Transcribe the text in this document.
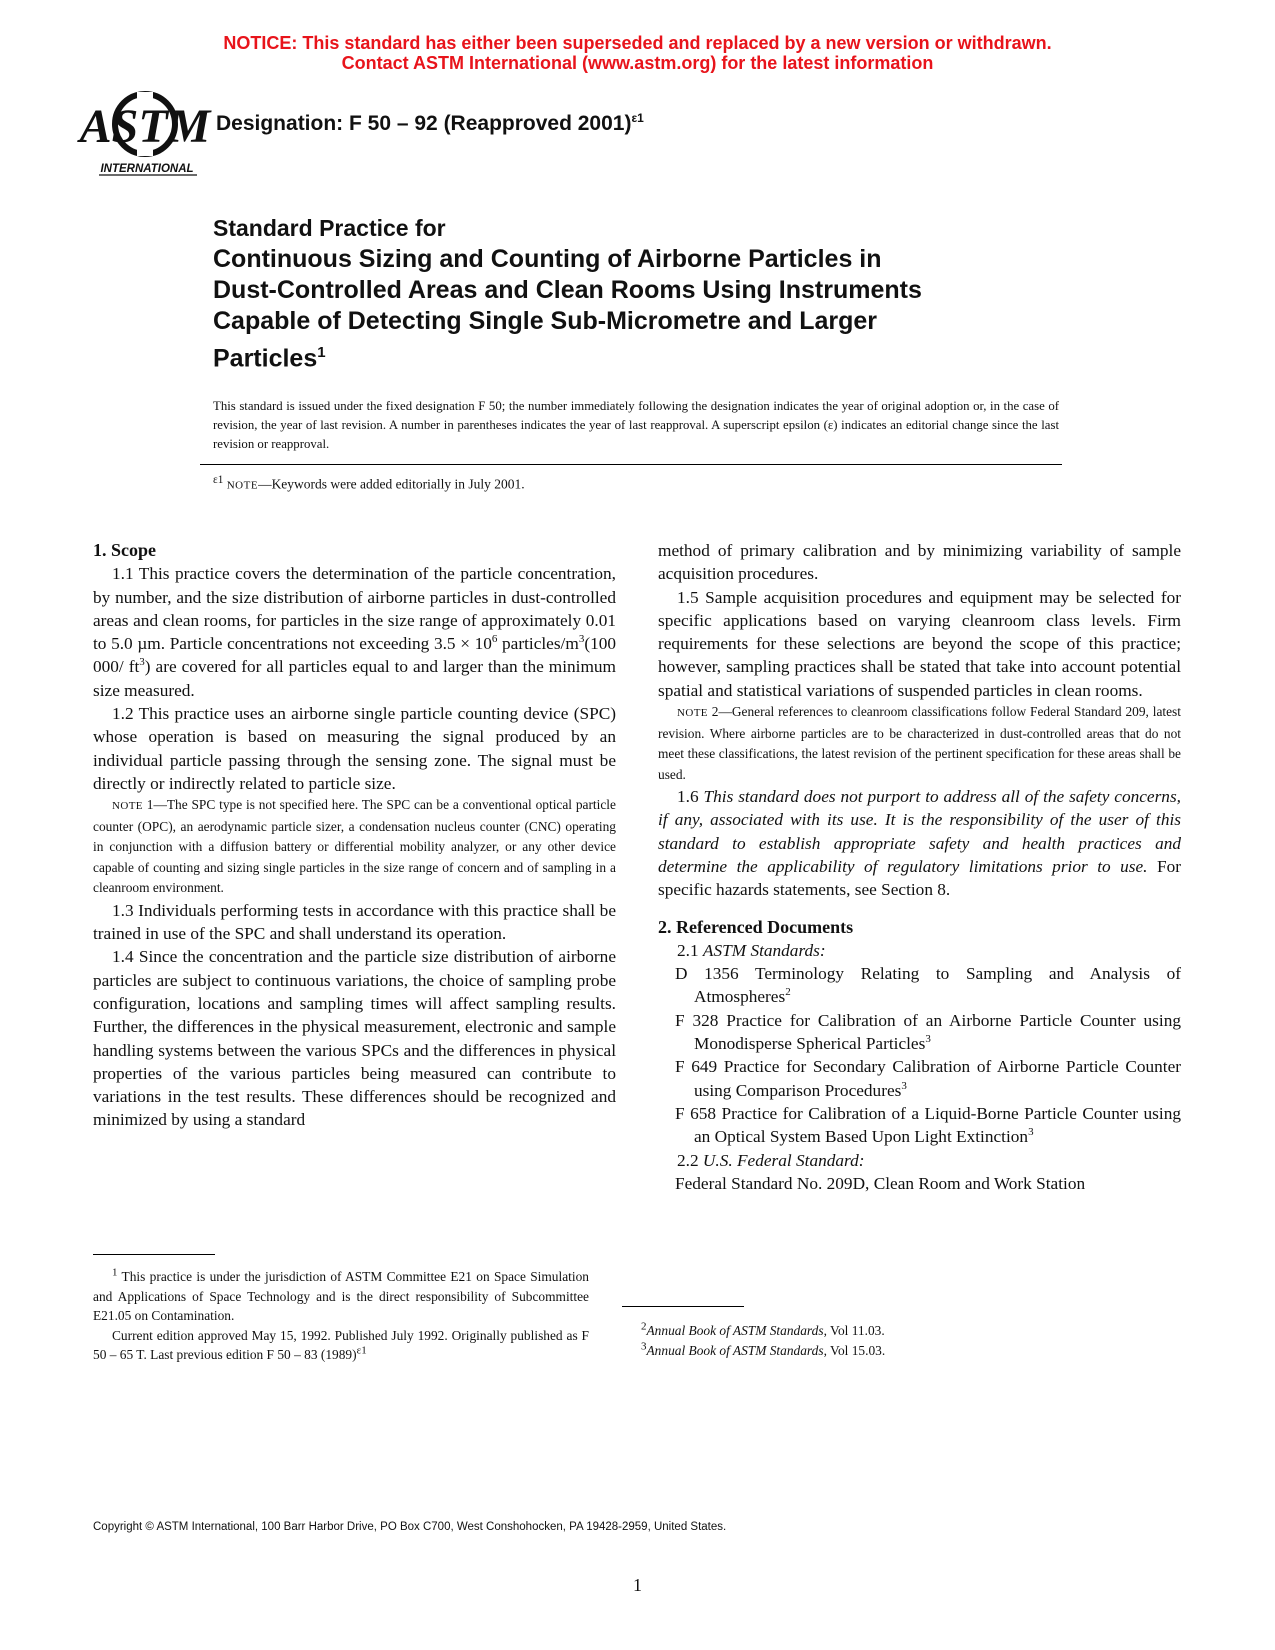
NOTICE: This standard has either been superseded and replaced by a new version or withdrawn.
Contact ASTM International (www.astm.org) for the latest information
ASTM
INTERNATIONAL
Designation: F 50 – 92 (Reapproved 2001)$^{\varepsilon 1}$
Standard Practice for
Continuous Sizing and Counting of Airborne Particles in
Dust-Controlled Areas and Clean Rooms Using Instruments
Capable of Detecting Single Sub-Micrometre and Larger
Particles$^1$
This standard is issued under the fixed designation F 50; the number immediately following the designation indicates the year of original adoption or, in the case of revision, the year of last revision. A number in parentheses indicates the year of last reapproval. A superscript epsilon (ε) indicates an editorial change since the last revision or reapproval.
$^{\varepsilon 1}$ NOTE—Keywords were added editorially in July 2001.

1. Scope

1.1 This practice covers the determination of the particle concentration, by number, and the size distribution of airborne particles in dust-controlled areas and clean rooms, for particles in the size range of approximately 0.01 to 5.0 µm. Particle concentrations not exceeding $3.5 \times 10^6$ particles/$m^3(100$ 000/ $ft^3$) are covered for all particles equal to and larger than the minimum size measured.

1.2 This practice uses an airborne single particle counting device (SPC) whose operation is based on measuring the signal produced by an individual particle passing through the sensing zone. The signal must be directly or indirectly related to particle size.

NOTE 1—The SPC type is not specified here. The SPC can be a conventional optical particle counter (OPC), an aerodynamic particle sizer, a condensation nucleus counter (CNC) operating in conjunction with a diffusion battery or differential mobility analyzer, or any other device capable of counting and sizing single particles in the size range of concern and of sampling in a cleanroom environment.

1.3 Individuals performing tests in accordance with this practice shall be trained in use of the SPC and shall understand its operation.

1.4 Since the concentration and the particle size distribution of airborne particles are subject to continuous variations, the choice of sampling probe configuration, locations and sampling times will affect sampling results. Further, the differences in the physical measurement, electronic and sample handling systems between the various SPCs and the differences in physical properties of the various particles being measured can contribute to variations in the test results. These differences should be recognized and minimized by using a standard

method of primary calibration and by minimizing variability of sample acquisition procedures.

1.5 Sample acquisition procedures and equipment may be selected for specific applications based on varying cleanroom class levels. Firm requirements for these selections are beyond the scope of this practice; however, sampling practices shall be stated that take into account potential spatial and statistical variations of suspended particles in clean rooms.

NOTE 2—General references to cleanroom classifications follow Federal Standard 209, latest revision. Where airborne particles are to be characterized in dust-controlled areas that do not meet these classifications, the latest revision of the pertinent specification for these areas shall be used.

1.6 This standard does not purport to address all of the safety concerns, if any, associated with its use. It is the responsibility of the user of this standard to establish appropriate safety and health practices and determine the applicability of regulatory limitations prior to use. For specific hazards statements, see Section 8.

2. Referenced Documents

2.1 ASTM Standards:

D 1356 Terminology Relating to Sampling and Analysis of Atmospheres$^2$

F 328 Practice for Calibration of an Airborne Particle Counter using Monodisperse Spherical Particles$^3$

F 649 Practice for Secondary Calibration of Airborne Particle Counter using Comparison Procedures$^3$

F 658 Practice for Calibration of a Liquid-Borne Particle Counter using an Optical System Based Upon Light Extinction$^3$

2.2 U.S. Federal Standard:

Federal Standard No. 209D, Clean Room and Work Station

$^1$ This practice is under the jurisdiction of ASTM Committee E21 on Space Simulation and Applications of Space Technology and is the direct responsibility of Subcommittee E21.05 on Contamination.

Current edition approved May 15, 1992. Published July 1992. Originally published as F 50 – 65 T. Last previous edition F 50 – 83 $(1989)^{\varepsilon 1}$

$^2$Annual Book of ASTM Standards, Vol 11.03.

$^3$Annual Book of ASTM Standards, Vol 15.03.

Copyright © ASTM International, 100 Barr Harbor Drive, PO Box C700, West Conshohocken, PA 19428-2959, United States.
1
